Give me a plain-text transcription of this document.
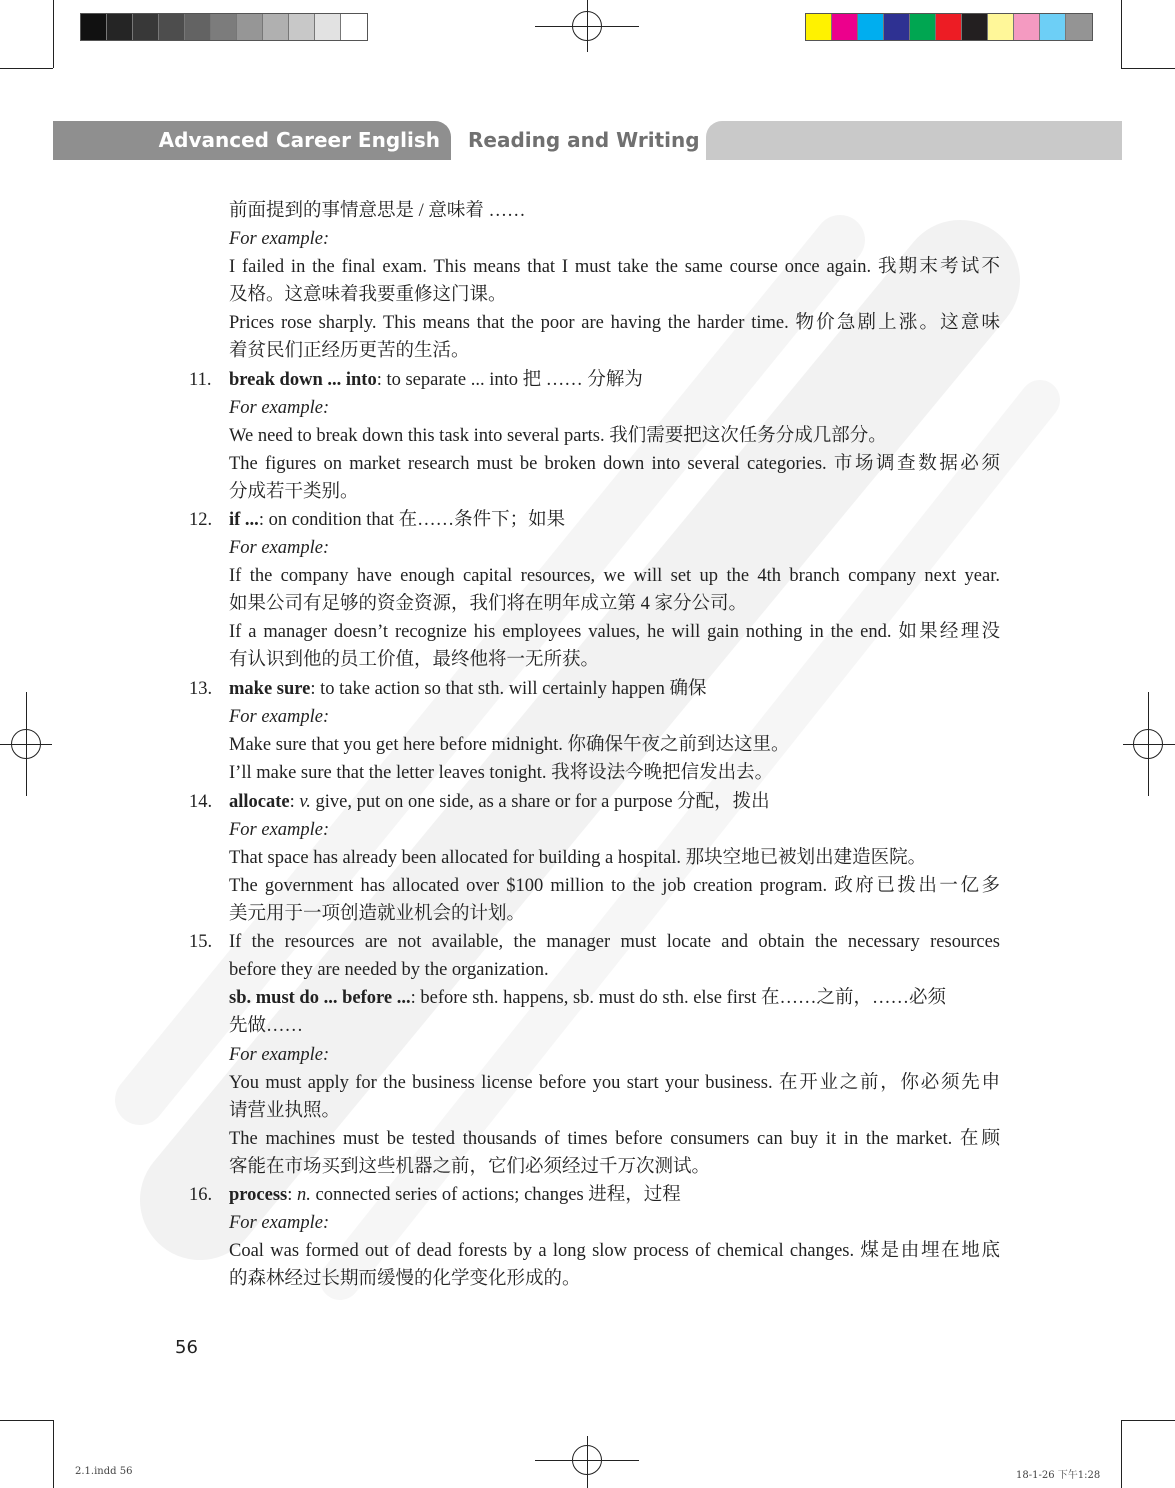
Advanced Career English Reading and Writing
前面提到的事情意思是 / 意味着 ……
For example:
I failed in the final exam. This means that I must take the same course once again. 我期末考试不
及格。这意味着我要重修这门课。
Prices rose sharply. This means that the poor are having the harder time. 物价急剧上涨。这意味
着贫民们正经历更苦的生活。
11. break down ... into: to separate ... into 把 …… 分解为
For example:
We need to break down this task into several parts. 我们需要把这次任务分成几部分。
The figures on market research must be broken down into several categories. 市场调查数据必须
分成若干类别。
12. if ...: on condition that 在……条件下；如果
For example:
If the company have enough capital resources, we will set up the 4th branch company next year.
如果公司有足够的资金资源，我们将在明年成立第 4 家分公司。
If a manager doesn’t recognize his employees values, he will gain nothing in the end. 如果经理没
有认识到他的员工价值，最终他将一无所获。
13. make sure: to take action so that sth. will certainly happen 确保
For example:
Make sure that you get here before midnight. 你确保午夜之前到达这里。
I’ll make sure that the letter leaves tonight. 我将设法今晚把信发出去。
14. allocate: v. give, put on one side, as a share or for a purpose 分配，拨出
For example:
That space has already been allocated for building a hospital. 那块空地已被划出建造医院。
The government has allocated over $100 million to the job creation program. 政府已拨出一亿多
美元用于一项创造就业机会的计划。
15. If the resources are not available, the manager must locate and obtain the necessary resources
before they are needed by the organization.
sb. must do ... before ...: before sth. happens, sb. must do sth. else first 在……之前，……必须
先做……
For example:
You must apply for the business license before you start your business. 在开业之前，你必须先申
请营业执照。
The machines must be tested thousands of times before consumers can buy it in the market. 在顾
客能在市场买到这些机器之前，它们必须经过千万次测试。
16. process: n. connected series of actions; changes 进程，过程
For example:
Coal was formed out of dead forests by a long slow process of chemical changes. 煤是由埋在地底
的森林经过长期而缓慢的化学变化形成的。
56
2.1.indd 56	18-1-26 下午1:28
